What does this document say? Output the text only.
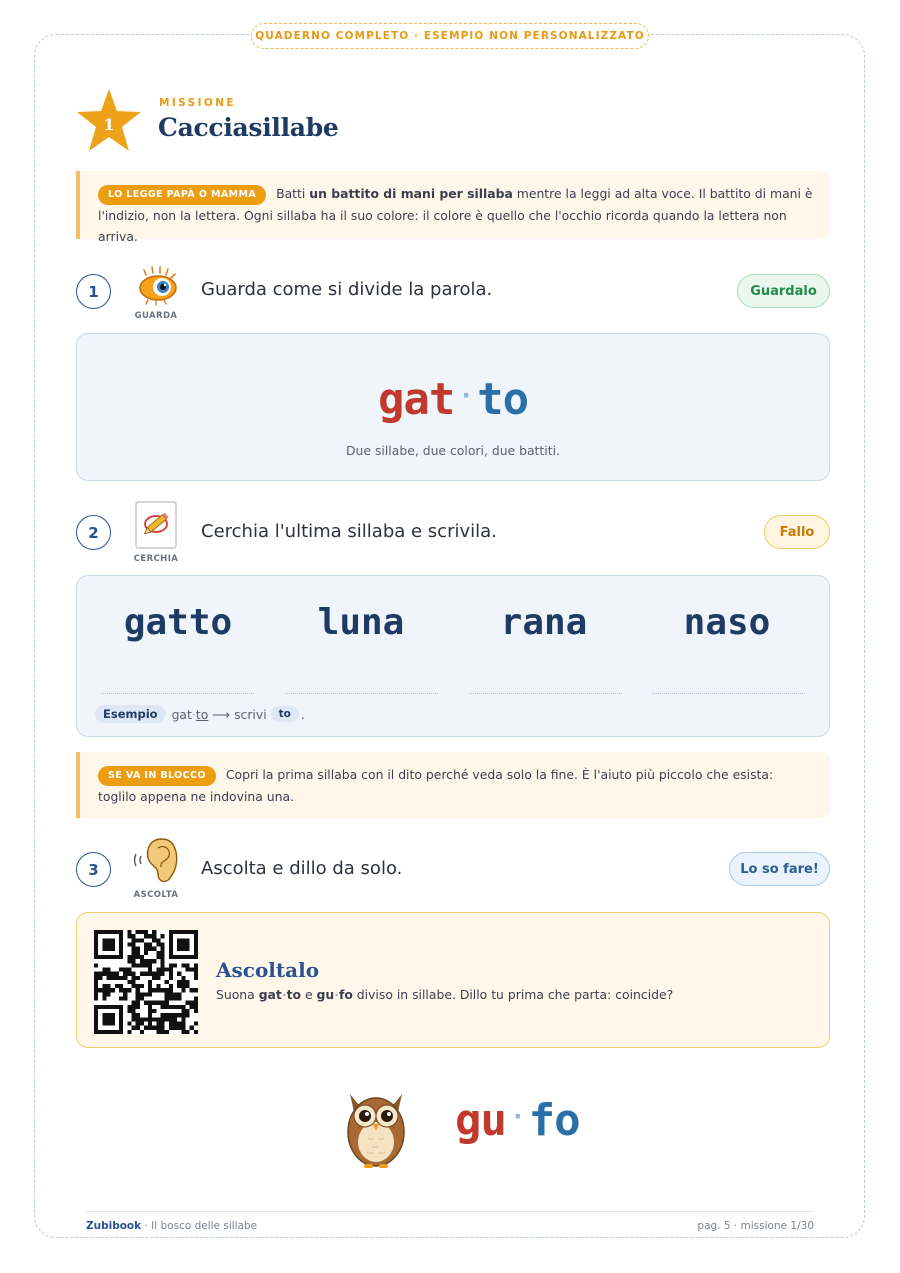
QUADERNO COMPLETO · ESEMPIO NON PERSONALIZZATO
1
MISSIONE
Cacciasillabe
LO LEGGE PAPÀ O MAMMA Batti un battito di mani per sillaba mentre la leggi ad alta voce. Il battito di mani è l'indizio, non la lettera. Ogni sillaba ha il suo colore: il colore è quello che l'occhio ricorda quando la lettera non arriva.
1
GUARDA
Guarda come si divide la parola.	Guardalo
gat ·to
Due sillabe, due colori, due battiti.
2
CERCHIA
Cerchia l'ultima sillaba e scrivila.	Fallo
gatto	luna	rana	naso
Esempio	gat · to ⟶ scrivi	to .
SE VA IN BLOCCO Copri la prima sillaba con il dito perché veda solo la fine. È l'aiuto più piccolo che esista: toglilo appena ne indovina una.
3
ASCOLTA
Ascolta e dillo da solo.	Lo so fare!
Ascoltalo
Suona gat·to e gu·fo diviso in sillabe. Dillo tu prima che parta: coincide?
gu ·fo
Zubibook · Il bosco delle sillabe	pag. 5 · missione 1/30
